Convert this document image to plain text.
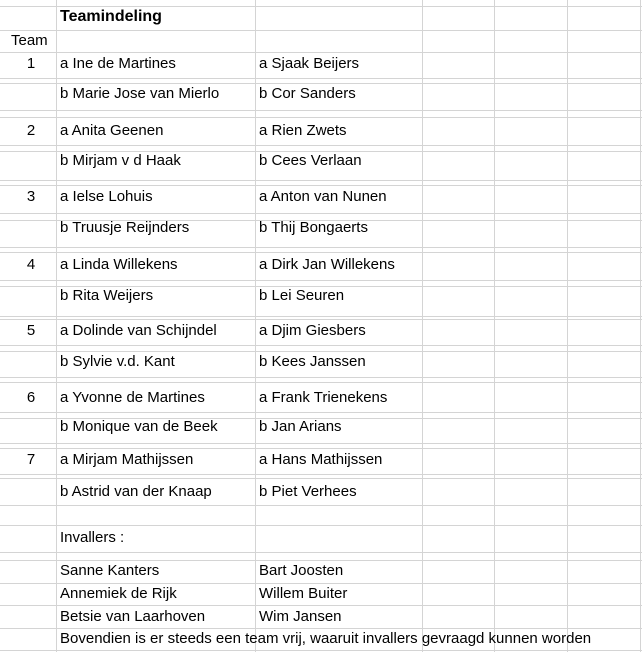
Teamindeling
Team
1	a Ine de Martines	a Sjaak Beijers
b Marie Jose van Mierlo	b Cor Sanders
2	a Anita Geenen	a Rien Zwets
b Mirjam v d Haak	b Cees Verlaan
3	a Ielse Lohuis	a Anton van Nunen
b Truusje Reijnders	b Thij Bongaerts
4	a Linda Willekens	a Dirk Jan Willekens
b Rita Weijers	b Lei Seuren
5	a Dolinde van Schijndel	a Djim Giesbers
b Sylvie v.d. Kant	b Kees Janssen
6	a Yvonne de Martines	a Frank Trienekens
b Monique van de Beek	b Jan Arians
7	a Mirjam Mathijssen	a Hans Mathijssen
b Astrid van der Knaap	b Piet Verhees
Invallers :
Sanne Kanters	Bart Joosten
Annemiek de Rijk	Willem Buiter
Betsie van Laarhoven	Wim Jansen
Bovendien is er steeds een team vrij, waaruit invallers gevraagd kunnen worden
